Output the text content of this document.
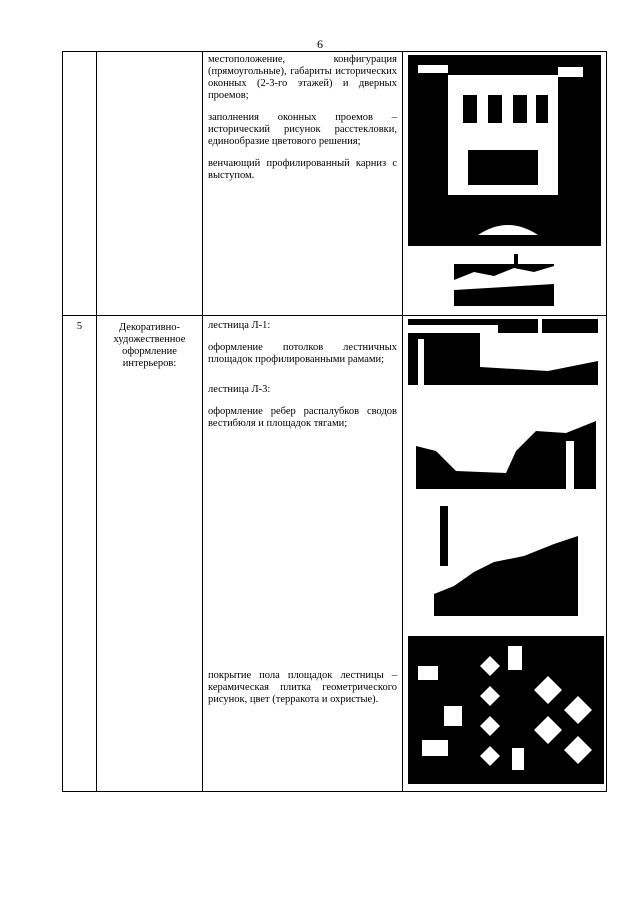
6

		местоположение, конфигурация (прямоугольные), габариты исторических оконных (2-3-го этажей) и дверных проемов;

заполнения оконных проемов – исторический рисунок расстекловки, единообразие цветового решения;

венчающий профилированный карниз с выступом.

5	Декоративно-художественное оформление интерьеров:	лестница Л-1:

оформление потолков лестничных площадок профилированными рамами;

лестница Л-3:

оформление ребер распалубков сводов вестибюля и площадок тягами;

покрытие пола площадок лестницы – керамическая плитка геометрического рисунок, цвет (терракота и охристые).
